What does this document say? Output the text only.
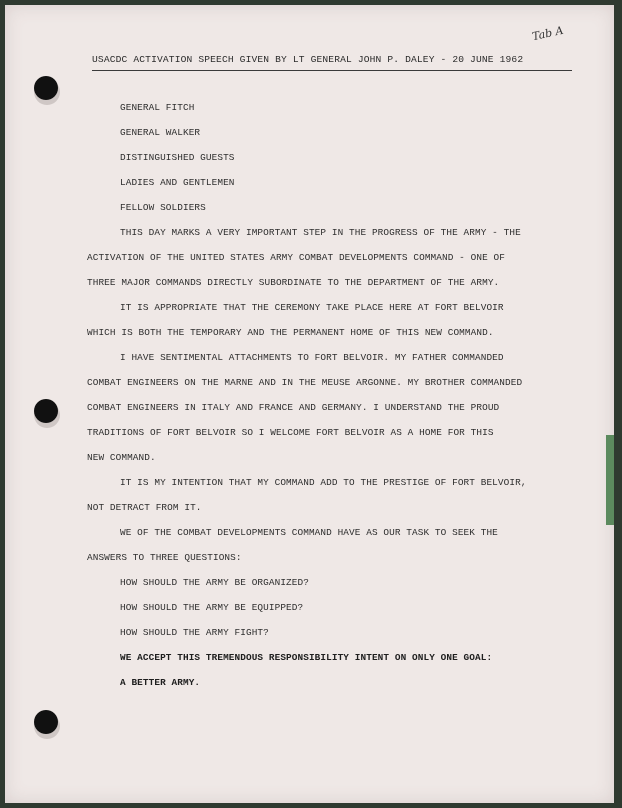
Tab A
USACDC ACTIVATION SPEECH GIVEN BY LT GENERAL JOHN P. DALEY - 20 JUNE 1962
GENERAL FITCH
GENERAL WALKER
DISTINGUISHED GUESTS
LADIES AND GENTLEMEN
FELLOW SOLDIERS
THIS DAY MARKS A VERY IMPORTANT STEP IN THE PROGRESS OF THE ARMY - THE
ACTIVATION OF THE UNITED STATES ARMY COMBAT DEVELOPMENTS COMMAND - ONE OF
THREE MAJOR COMMANDS DIRECTLY SUBORDINATE TO THE DEPARTMENT OF THE ARMY.
IT IS APPROPRIATE THAT THE CEREMONY TAKE PLACE HERE AT FORT BELVOIR
WHICH IS BOTH THE TEMPORARY AND THE PERMANENT HOME OF THIS NEW COMMAND.
I HAVE SENTIMENTAL ATTACHMENTS TO FORT BELVOIR. MY FATHER COMMANDED
COMBAT ENGINEERS ON THE MARNE AND IN THE MEUSE ARGONNE. MY BROTHER COMMANDED
COMBAT ENGINEERS IN ITALY AND FRANCE AND GERMANY. I UNDERSTAND THE PROUD
TRADITIONS OF FORT BELVOIR SO I WELCOME FORT BELVOIR AS A HOME FOR THIS
NEW COMMAND.
IT IS MY INTENTION THAT MY COMMAND ADD TO THE PRESTIGE OF FORT BELVOIR,
NOT DETRACT FROM IT.
WE OF THE COMBAT DEVELOPMENTS COMMAND HAVE AS OUR TASK TO SEEK THE
ANSWERS TO THREE QUESTIONS:
HOW SHOULD THE ARMY BE ORGANIZED?
HOW SHOULD THE ARMY BE EQUIPPED?
HOW SHOULD THE ARMY FIGHT?
WE ACCEPT THIS TREMENDOUS RESPONSIBILITY INTENT ON ONLY ONE GOAL:
A BETTER ARMY.
